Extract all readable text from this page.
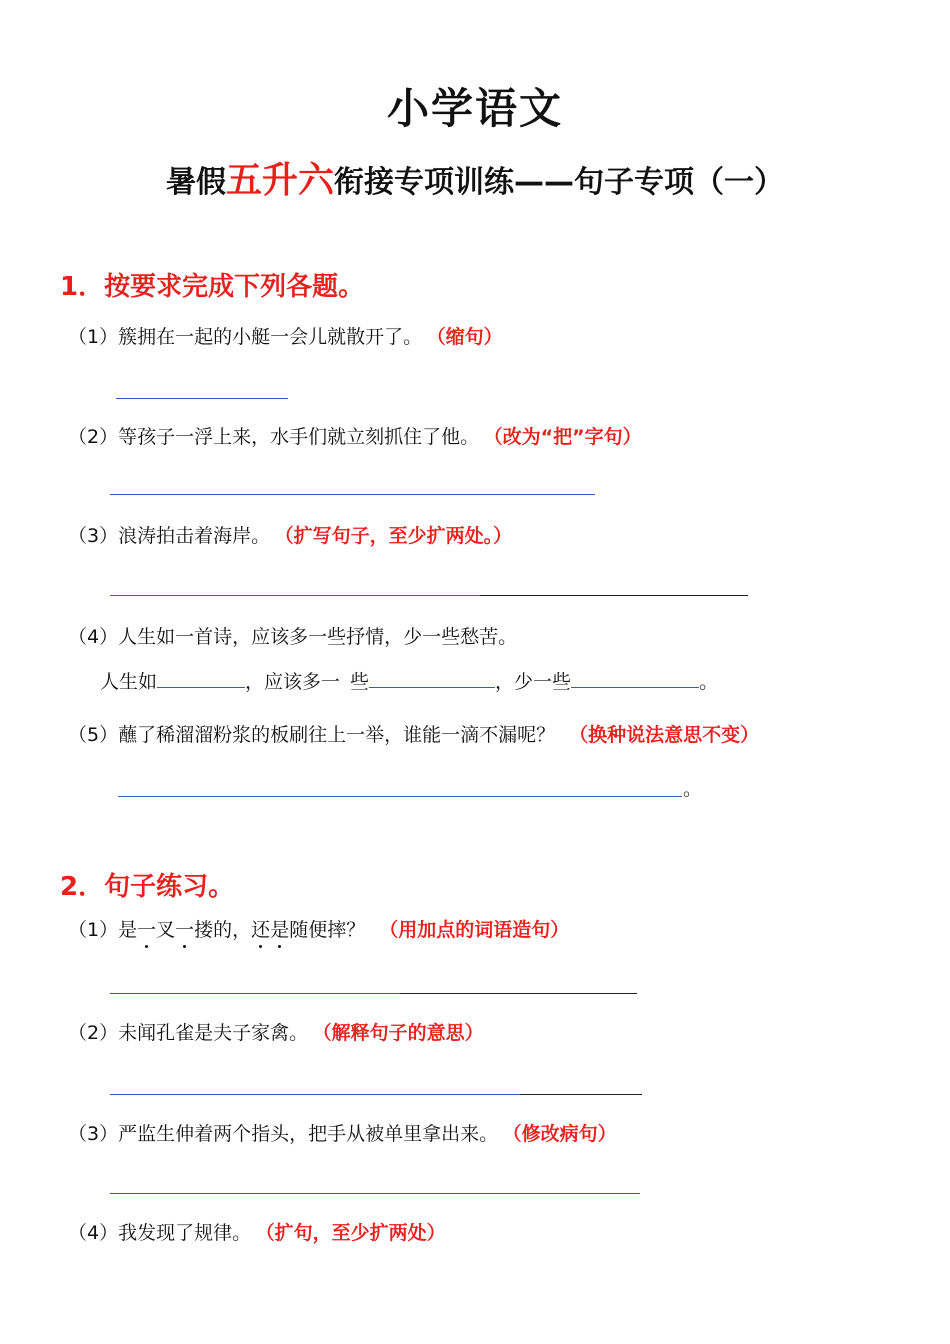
小学语文
暑假五升六衔接专项训练——句子专项（一）
1．按要求完成下列各题。
（1）簇拥在一起的小艇一会儿就散开了。 （缩句）
（2）等孩子一浮上来，水手们就立刻抓住了他。 （改为“把”字句）
（3）浪涛拍击着海岸。 （扩写句子，至少扩两处。）
（4）人生如一首诗，应该多一些抒情，少一些愁苦。
人生如	，应该多一 些	，少一些	。
（5）蘸了稀溜溜粉浆的板刷往上一举，谁能一滴不漏呢？ （换种说法意思不变）
。
2．句子练习。
（1）是一叉一搂的，还是随便摔？ （用加点的词语造句）
（2）未闻孔雀是夫子家禽。 （解释句子的意思）
（3）严监生伸着两个指头，把手从被单里拿出来。 （修改病句）
（4）我发现了规律。 （扩句，至少扩两处）
